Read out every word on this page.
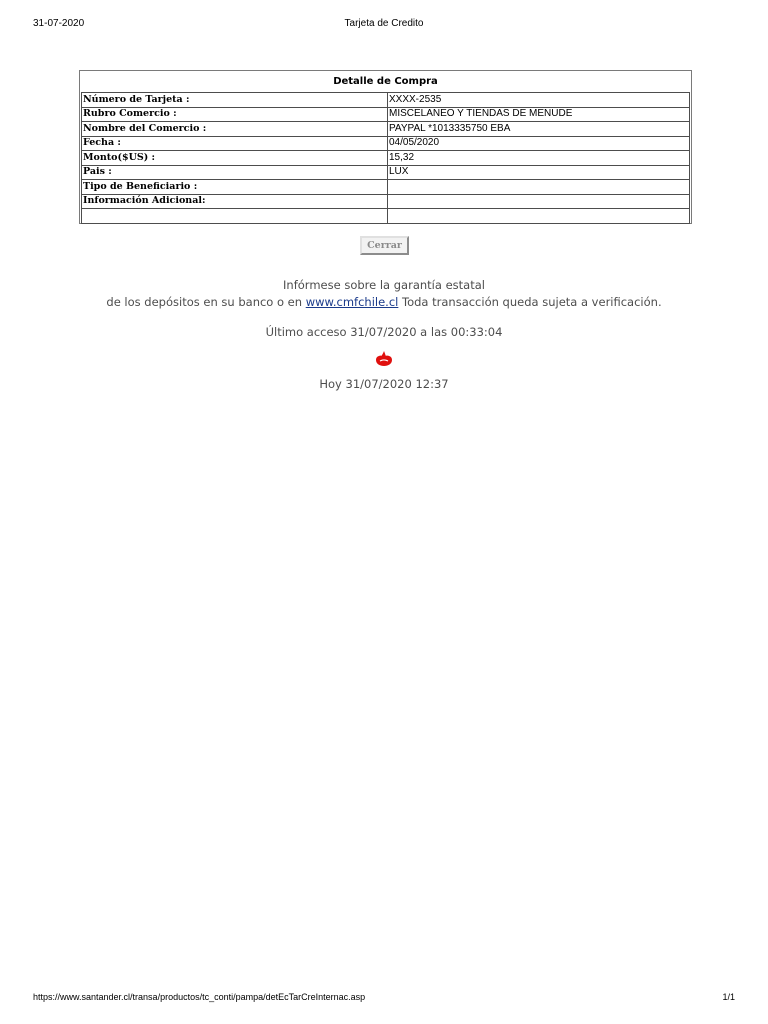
31-07-2020	Tarjeta de Credito
Detalle de Compra
Número de Tarjeta :	XXXX-2535
Rubro Comercio :	MISCELANEO Y TIENDAS DE MENUDE
Nombre del Comercio :	PAYPAL *1013335750 EBA
Fecha :	04/05/2020
Monto($US) :	15,32
Pais :	LUX
Tipo de Beneficiario :	
Información Adicional:	

Cerrar
Infórmese sobre la garantía estatal
de los depósitos en su banco o en www.cmfchile.cl Toda transacción queda sujeta a verificación.
Último acceso 31/07/2020 a las 00:33:04
Hoy 31/07/2020 12:37
https://www.santander.cl/transa/productos/tc_conti/pampa/detEcTarCreInternac.asp	1/1
